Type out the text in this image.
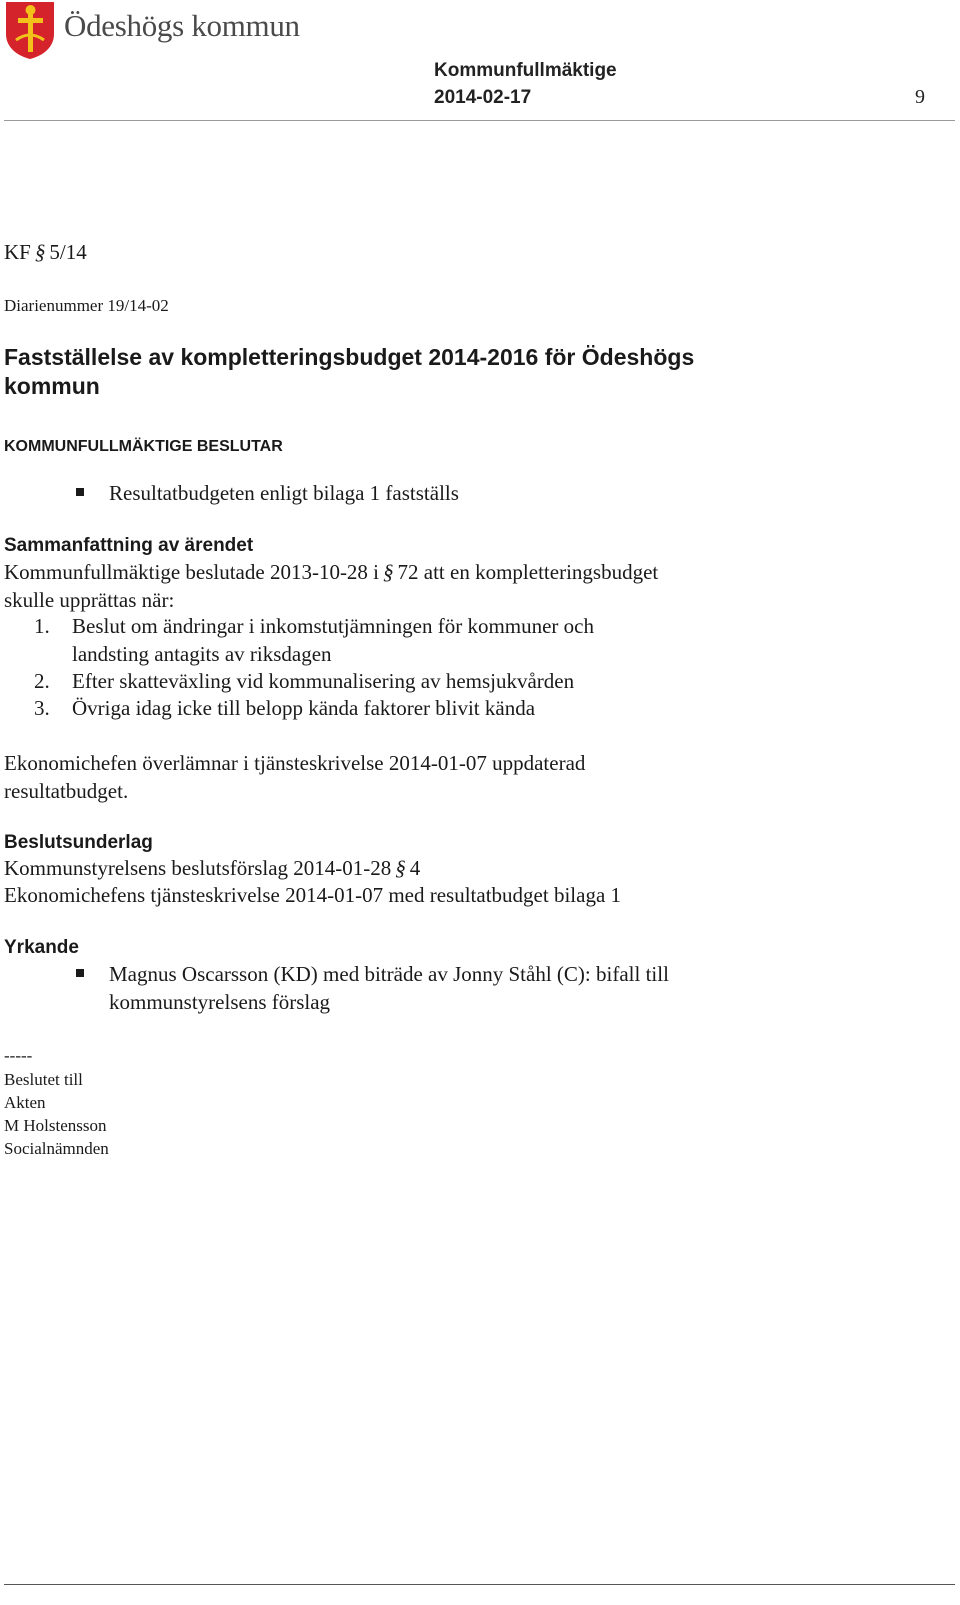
Ödeshögs kommun
Kommunfullmäktige
2014-02-17	9
KF § 5/14
Diarienummer 19/14-02
Fastställelse av kompletteringsbudget 2014-2016 för Ödeshögs kommun
KOMMUNFULLMÄKTIGE BESLUTAR
Resultatbudgeten enligt bilaga 1 fastställs
Sammanfattning av ärendet
Kommunfullmäktige beslutade 2013-10-28 i § 72 att en kompletteringsbudget
skulle upprättas när:
1.	Beslut om ändringar i inkomstutjämningen för kommuner och
landsting antagits av riksdagen
2.	Efter skatteväxling vid kommunalisering av hemsjukvården
3.	Övriga idag icke till belopp kända faktorer blivit kända
Ekonomichefen överlämnar i tjänsteskrivelse 2014-01-07 uppdaterad
resultatbudget.
Beslutsunderlag
Kommunstyrelsens beslutsförslag 2014-01-28 § 4
Ekonomichefens tjänsteskrivelse 2014-01-07 med resultatbudget bilaga 1
Yrkande
Magnus Oscarsson (KD) med biträde av Jonny Ståhl (C): bifall till
kommunstyrelsens förslag
-----
Beslutet till
Akten
M Holstensson
Socialnämnden
